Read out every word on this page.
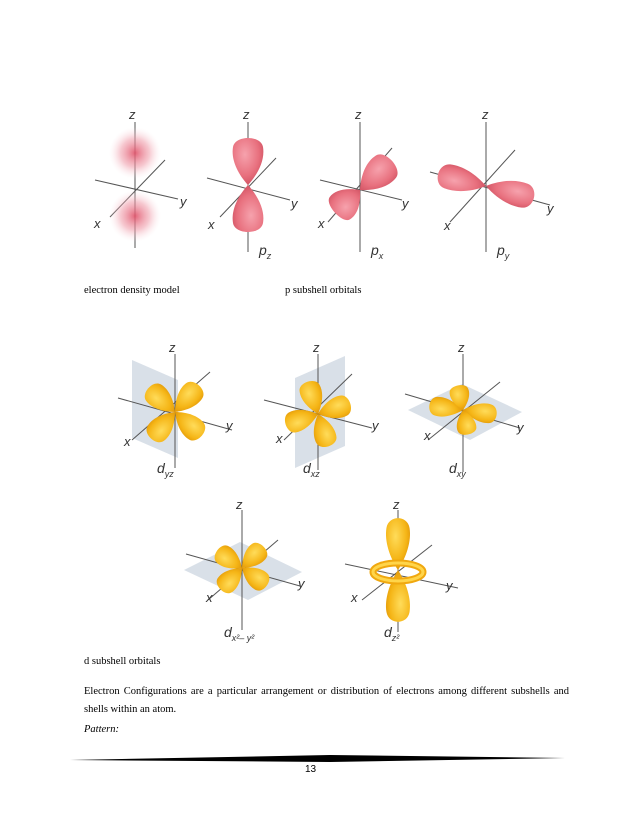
z
y
x
z
y
x
$p_z$
z
y
x
$p_x$
z
y
x
$p_y$
z
y
x
$d_{yz}$
z
y
x
$d_{xz}$
z
y
x
$d_{xy}$
z
y
x
$d_{x^2- y^2}$
z
y
x
$d_{z^2}$
electron density model	p subshell orbitals
d subshell orbitals
Electron Configurations are a particular arrangement or distribution of electrons among different subshells and shells within an atom.
Pattern:
13
